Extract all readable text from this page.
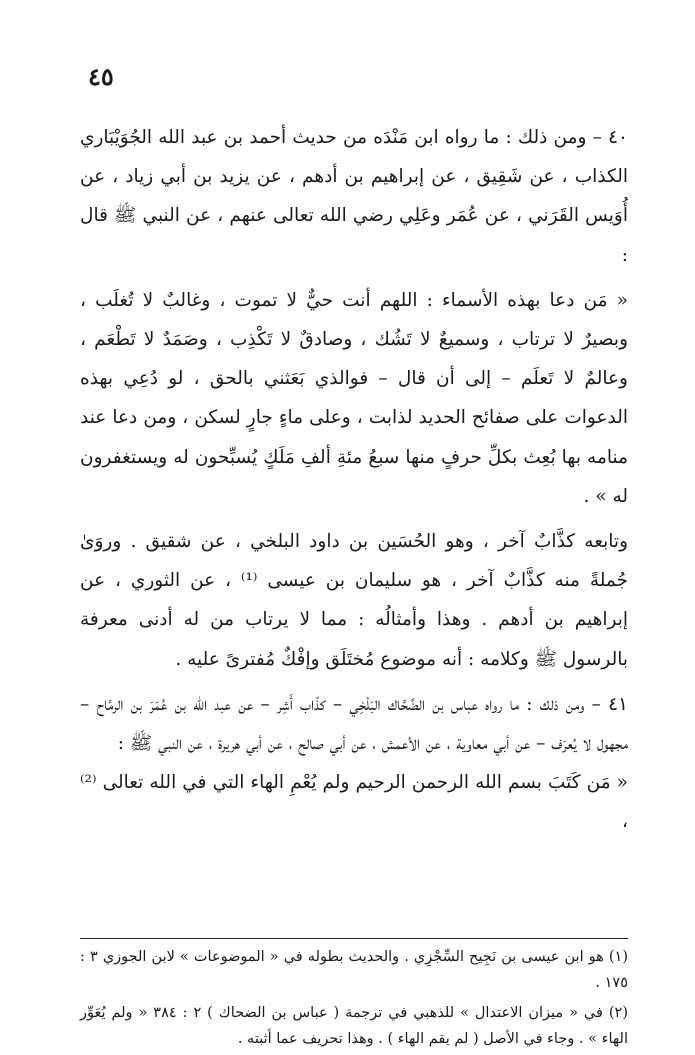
٤٥

٤٠ – ومن ذلك : ما رواه ابن مَنْدَه من حديث أحمد بن عبد الله الجُوَيْبَاري الكذاب ، عن شَقِيق ، عن إبراهيم بن أدهم ، عن يزيد بن أبي زياد ، عن أُوَيس القَرَني ، عن عُمَر وعَلِي رضي الله تعالى عنهم ، عن النبي ﷺ قال :

« مَن دعا بهذه الأسماء : اللهم أنت حيٌّ لا تموت ، وغالبٌ لا تُغلَب ، وبصيرٌ لا ترتاب ، وسميعٌ لا تَشُك ، وصادقٌ لا تَكْذِب ، وصَمَدٌ لا تَطْعَم ، وعالمٌ لا تَعلَم – إلى أن قال – فوالذي بَعَثني بالحق ، لو دُعِي بهذه الدعوات على صفائح الحديد لذابت ، وعلى ماءٍ جارٍ لسكن ، ومن دعا عند منامه بها بُعِث بكلِّ حرفٍ منها سبعُ مئةِ ألفِ مَلَكٍ يُسبِّحون له ويستغفرون له » .

وتابعه كذَّابٌ آخر ، وهو الحُسَين بن داود البلخي ، عن شقيق . وروَىٰ جُملةً منه كذَّابٌ آخر ، هو سليمان بن عيسى ⁽¹⁾ ، عن الثوري ، عن إبراهيم بن أدهم . وهذا وأمثالُه : مما لا يرتاب من له أدنى معرفة بالرسول ﷺ وكلامه : أنه موضوع مُختَلَق وإفْكٌ مُفترىً عليه .

٤١ – ومن ذلك : ما رواه عباس بن الضَّحَّاك البَلْخِي – كذّاب أَشِر – عن عبد الله بن عُمَرَ بن الرمَّاح – مجهول لا يُعرَف – عن أبي معاوية ، عن الأعمش ، عن أبي صالح ، عن أبي هريرة ، عن النبي ﷺ :

« مَن كَتَبَ بسم الله الرحمن الرحيم ولم يُعْمِ الهاء التي في الله تعالى ⁽²⁾ ،

(١) هو ابن عيسى بن نَجِيح السِّجْزِي . والحديث بطوله في « الموضوعات » لابن الجوزي ٣ : ١٧٥ .

(٢) في « ميزان الاعتدال » للذهبي في ترجمة ( عباس بن الضحاك ) ٢ : ٣٨٤ « ولم يُعَوِّر الهاء » . وجاء في الأصل ( لم يقم الهاء ) . وهذا تحريف عما أثبته .
